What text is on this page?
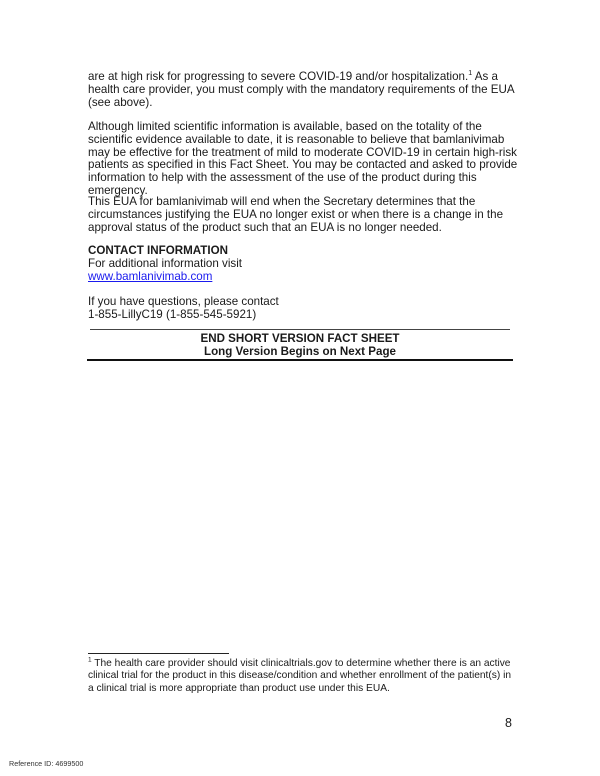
are at high risk for progressing to severe COVID-19 and/or hospitalization.$^1$ As a health care provider, you must comply with the mandatory requirements of the EUA (see above).

Although limited scientific information is available, based on the totality of the scientific evidence available to date, it is reasonable to believe that bamlanivimab may be effective for the treatment of mild to moderate COVID-19 in certain high-risk patients as specified in this Fact Sheet. You may be contacted and asked to provide information to help with the assessment of the use of the product during this emergency.

This EUA for bamlanivimab will end when the Secretary determines that the circumstances justifying the EUA no longer exist or when there is a change in the approval status of the product such that an EUA is no longer needed.

CONTACT INFORMATION
For additional information visit
www.bamlanivimab.com
If you have questions, please contact
1-855-LillyC19 (1-855-545-5921)
END SHORT VERSION FACT SHEET
Long Version Begins on Next Page
$^1$ The health care provider should visit clinicaltrials.gov to determine whether there is an active clinical trial for the product in this disease/condition and whether enrollment of the patient(s) in a clinical trial is more appropriate than product use under this EUA.
8
Reference ID: 4699500
